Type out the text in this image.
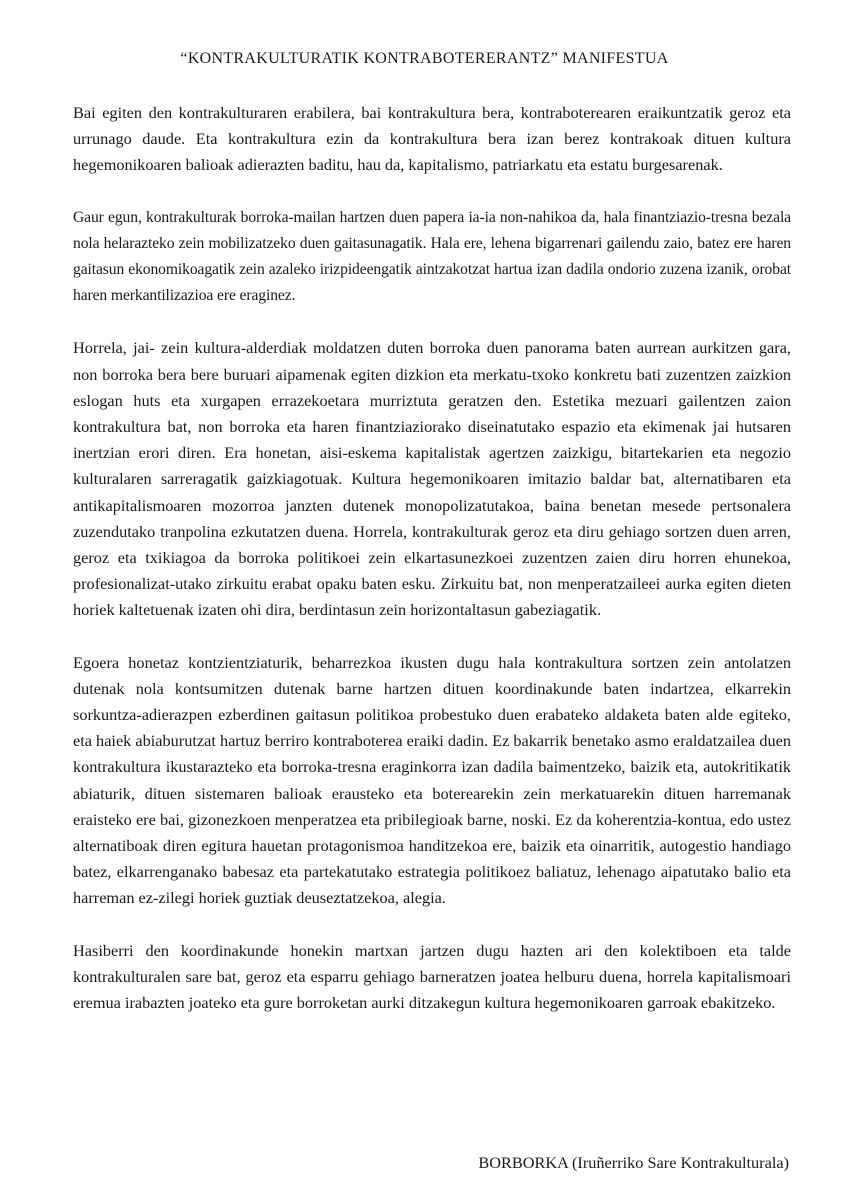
“KONTRAKULTURATIK KONTRABOTERERANTZ” MANIFESTUA

Bai egiten den kontrakulturaren erabilera, bai kontrakultura bera, kontraboterearen eraikuntzatik geroz eta urrunago daude. Eta kontrakultura ezin da kontrakultura bera izan berez kontrakoak dituen kultura hegemonikoaren balioak adierazten baditu, hau da, kapitalismo, patriarkatu eta estatu burgesarenak.

Gaur egun, kontrakulturak borroka-mailan hartzen duen papera ia-ia non-nahikoa da, hala finantziazio-tresna bezala nola helarazteko zein mobilizatzeko duen gaitasunagatik. Hala ere, lehena bigarrenari gailendu zaio, batez ere haren gaitasun ekonomikoagatik zein azaleko irizpideengatik aintzakotzat hartua izan dadila ondorio zuzena izanik, orobat haren merkantilizazioa ere eraginez.

Horrela, jai- zein kultura-alderdiak moldatzen duten borroka duen panorama baten aurrean aurkitzen gara, non borroka bera bere buruari aipamenak egiten dizkion eta merkatu-txoko konkretu bati zuzentzen zaizkion eslogan huts eta xurgapen errazekoetara murriztuta geratzen den. Estetika mezuari gailentzen zaion kontrakultura bat, non borroka eta haren finantziaziorako diseinatutako espazio eta ekimenak jai hutsaren inertzian erori diren. Era honetan, aisi-eskema kapitalistak agertzen zaizkigu, bitartekarien eta negozio kulturalaren sarreragatik gaizkiagotuak. Kultura hegemonikoaren imitazio baldar bat, alternatibaren eta antikapitalismoaren mozorroa janzten dutenek monopolizatutakoa, baina benetan mesede pertsonalera zuzendutako tranpolina ezkutatzen duena. Horrela, kontrakulturak geroz eta diru gehiago sortzen duen arren, geroz eta txikiagoa da borroka politikoei zein elkartasunezkoei zuzentzen zaien diru horren ehunekoa, profesionalizat-utako zirkuitu erabat opaku baten esku. Zirkuitu bat, non menperatzaileei aurka egiten dieten horiek kaltetuenak izaten ohi dira, berdintasun zein horizontaltasun gabeziagatik.

Egoera honetaz kontzientziaturik, beharrezkoa ikusten dugu hala kontrakultura sortzen zein antolatzen dutenak nola kontsumitzen dutenak barne hartzen dituen koordinakunde baten indartzea, elkarrekin sorkuntza-adierazpen ezberdinen gaitasun politikoa probestuko duen erabateko aldaketa baten alde egiteko, eta haiek abiaburutzat hartuz berriro kontraboterea eraiki dadin. Ez bakarrik benetako asmo eraldatzailea duen kontrakultura ikustarazteko eta borroka-tresna eraginkorra izan dadila baimentzeko, baizik eta, autokritikatik abiaturik, dituen sistemaren balioak erausteko eta boterearekin zein merkatuarekin dituen harremanak eraisteko ere bai, gizonezkoen menperatzea eta pribilegioak barne, noski. Ez da koherentzia-kontua, edo ustez alternatiboak diren egitura hauetan protagonismoa handitzekoa ere, baizik eta oinarritik, autogestio handiago batez, elkarrenganako babesaz eta partekatutako estrategia politikoez baliatuz, lehenago aipatutako balio eta harreman ez-zilegi horiek guztiak deuseztatzekoa, alegia.

Hasiberri den koordinakunde honekin martxan jartzen dugu hazten ari den kolektiboen eta talde kontrakulturalen sare bat, geroz eta esparru gehiago barneratzen joatea helburu duena, horrela kapitalismoari eremua irabazten joateko eta gure borroketan aurki ditzakegun kultura hegemonikoaren garroak ebakitzeko.

BORBORKA (Iruñerriko Sare Kontrakulturala)
